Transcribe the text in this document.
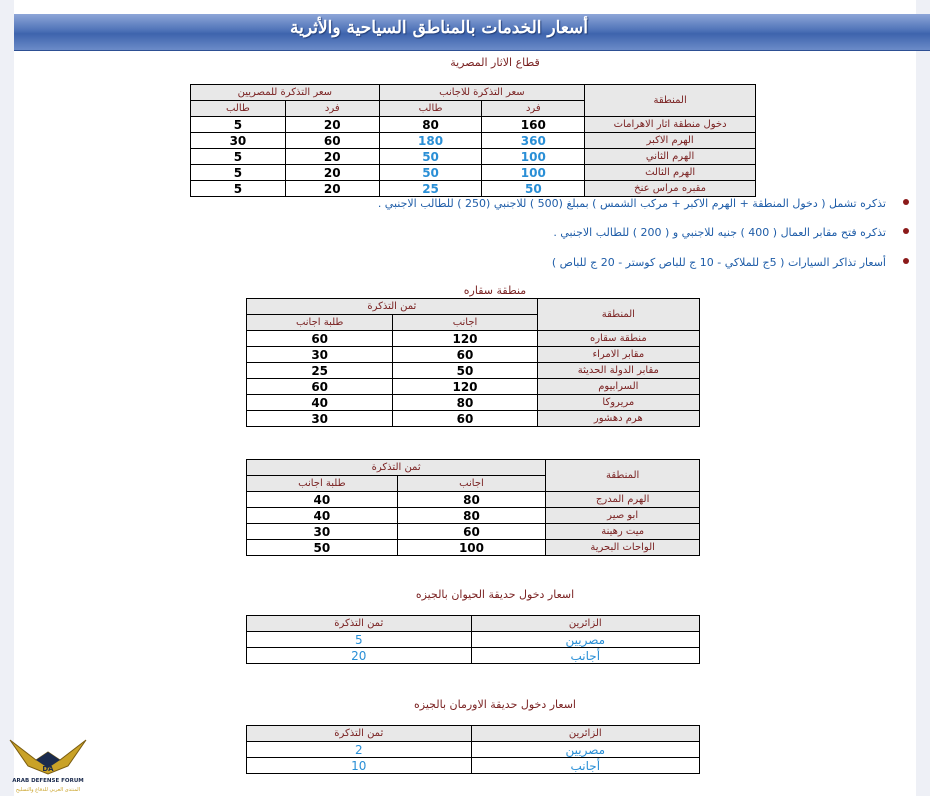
أسعار الخدمات بالمناطق السياحية والأثرية
قطاع الاثار المصرية
المنطقة	سعر التذكرة للاجانب		سعر التذكرة للمصريين	
	فرد	طالب	فرد	طالب
دخول منطقة اثار الاهرامات	160	80	20	5
الهرم الاكبر	360	180	60	30
الهرم الثاني	100	50	20	5
الهرم الثالث	100	50	20	5
مقبره مراس عنخ	50	25	20	5
تذكره تشمل ( دخول المنطقة + الهرم الاكبر + مركب الشمس ) بمبلغ (500 ) للاجنبي (250 ) للطالب الاجنبي .
تذكره فتح مقابر العمال ( 400 ) جنيه للاجنبي و ( 200 ) للطالب الاجنبي .
أسعار تذاكر السيارات ( 5ج للملاكي - 10 ج للباص كوستر - 20 ج للباص )
منطقة سقاره
المنطقة	ثمن التذكرة	
	اجانب	طلبة اجانب
منطقة سقاره	120	60
مقابر الامراء	60	30
مقابر الدولة الحديثة	50	25
السرابيوم	120	60
مريروكا	80	40
هرم دهشور	60	30
المنطقة	ثمن التذكرة	
	اجانب	طلبة اجانب
الهرم المدرج	80	40
ابو صير	80	40
ميت رهينة	60	30
الواحات البحرية	100	50
اسعار دخول حديقة الحيوان بالجيزه
الزائرين	ثمن التذكرة
مصريين	5
أجانب	20
اسعار دخول حديقة الاورمان بالجيزه
الزائرين	ثمن التذكرة
مصريين	2
أجانب	10
DA
ARAB DEFENSE FORUM
المنتدى العربي للدفاع والتسليح
